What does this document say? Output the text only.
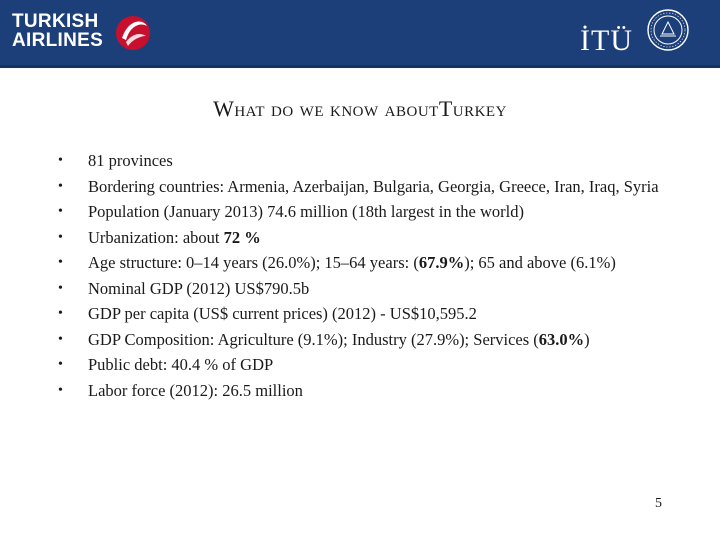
TURKISH
AIRLINES	İTÜ
What do we know aboutTurkey
• 81 provinces
• Bordering countries: Armenia, Azerbaijan, Bulgaria, Georgia, Greece, Iran, Iraq, Syria
• Population (January 2013) 74.6 million (18th largest in the world)
• Urbanization: about 72 %
• Age structure: 0–14 years (26.0%); 15–64 years: (67.9%); 65 and above (6.1%)
• Nominal GDP (2012) US$790.5b
• GDP per capita (US$ current prices) (2012) - US$10,595.2
• GDP Composition: Agriculture (9.1%); Industry (27.9%); Services (63.0%)
• Public debt: 40.4 % of GDP
• Labor force (2012): 26.5 million
5
